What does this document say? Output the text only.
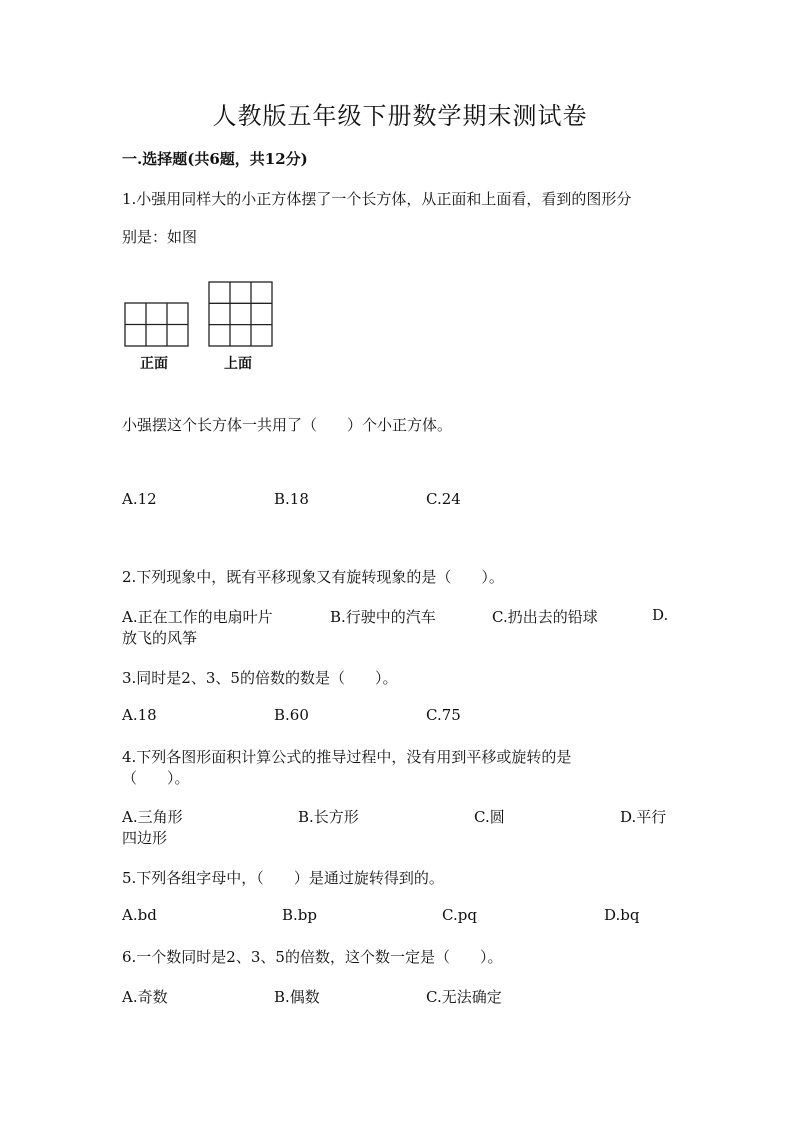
人教版五年级下册数学期末测试卷
一.选择题(共6题，共12分)
1.小强用同样大的小正方体摆了一个长方体，从正面和上面看，看到的图形分
别是：如图
正面	上面
小强摆这个长方体一共用了（　　）个小正方体。
A.12	B.18	C.24
2.下列现象中，既有平移现象又有旋转现象的是（　　）。
A.正在工作的电扇叶片	B.行驶中的汽车	C.扔出去的铅球	D.
放飞的风筝
3.同时是2、3、5的倍数的数是（　　）。
A.18	B.60	C.75
4.下列各图形面积计算公式的推导过程中，没有用到平移或旋转的是
（　　）。
A.三角形	B.长方形	C.圆	D.平行
四边形
5.下列各组字母中，（　　）是通过旋转得到的。
A.bd	B.bp	C.pq	D.bq
6.一个数同时是2、3、5的倍数，这个数一定是（　　）。
A.奇数	B.偶数	C.无法确定
